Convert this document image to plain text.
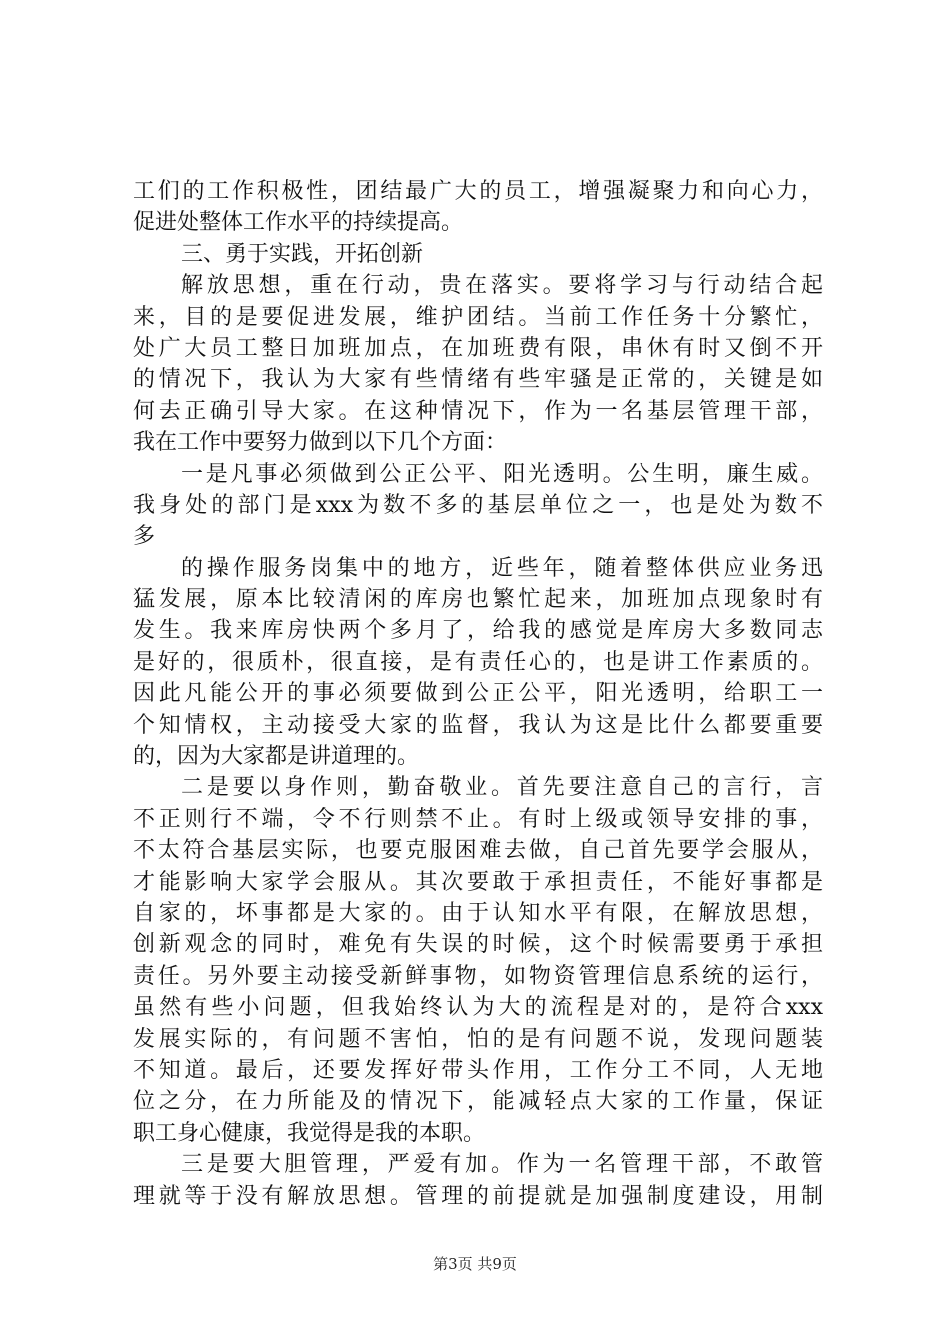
工们的工作积极性，团结最广大的员工，增强凝聚力和向心力，
促进处整体工作水平的持续提高。
三、勇于实践，开拓创新
解放思想，重在行动，贵在落实。要将学习与行动结合起
来，目的是要促进发展，维护团结。当前工作任务十分繁忙，
处广大员工整日加班加点，在加班费有限，串休有时又倒不开
的情况下，我认为大家有些情绪有些牢骚是正常的，关键是如
何去正确引导大家。在这种情况下，作为一名基层管理干部，
我在工作中要努力做到以下几个方面：
一是凡事必须做到公正公平、阳光透明。公生明，廉生威。
我身处的部门是xxx为数不多的基层单位之一，也是处为数不
多
的操作服务岗集中的地方，近些年，随着整体供应业务迅
猛发展，原本比较清闲的库房也繁忙起来，加班加点现象时有
发生。我来库房快两个多月了，给我的感觉是库房大多数同志
是好的，很质朴，很直接，是有责任心的，也是讲工作素质的。
因此凡能公开的事必须要做到公正公平，阳光透明，给职工一
个知情权，主动接受大家的监督，我认为这是比什么都要重要
的，因为大家都是讲道理的。
二是要以身作则，勤奋敬业。首先要注意自己的言行，言
不正则行不端，令不行则禁不止。有时上级或领导安排的事，
不太符合基层实际，也要克服困难去做，自己首先要学会服从，
才能影响大家学会服从。其次要敢于承担责任，不能好事都是
自家的，坏事都是大家的。由于认知水平有限，在解放思想，
创新观念的同时，难免有失误的时候，这个时候需要勇于承担
责任。另外要主动接受新鲜事物，如物资管理信息系统的运行，
虽然有些小问题，但我始终认为大的流程是对的，是符合xxx
发展实际的，有问题不害怕，怕的是有问题不说，发现问题装
不知道。最后，还要发挥好带头作用，工作分工不同，人无地
位之分，在力所能及的情况下，能减轻点大家的工作量，保证
职工身心健康，我觉得是我的本职。
三是要大胆管理，严爱有加。作为一名管理干部，不敢管
理就等于没有解放思想。管理的前提就是加强制度建设，用制
第3页 共9页
